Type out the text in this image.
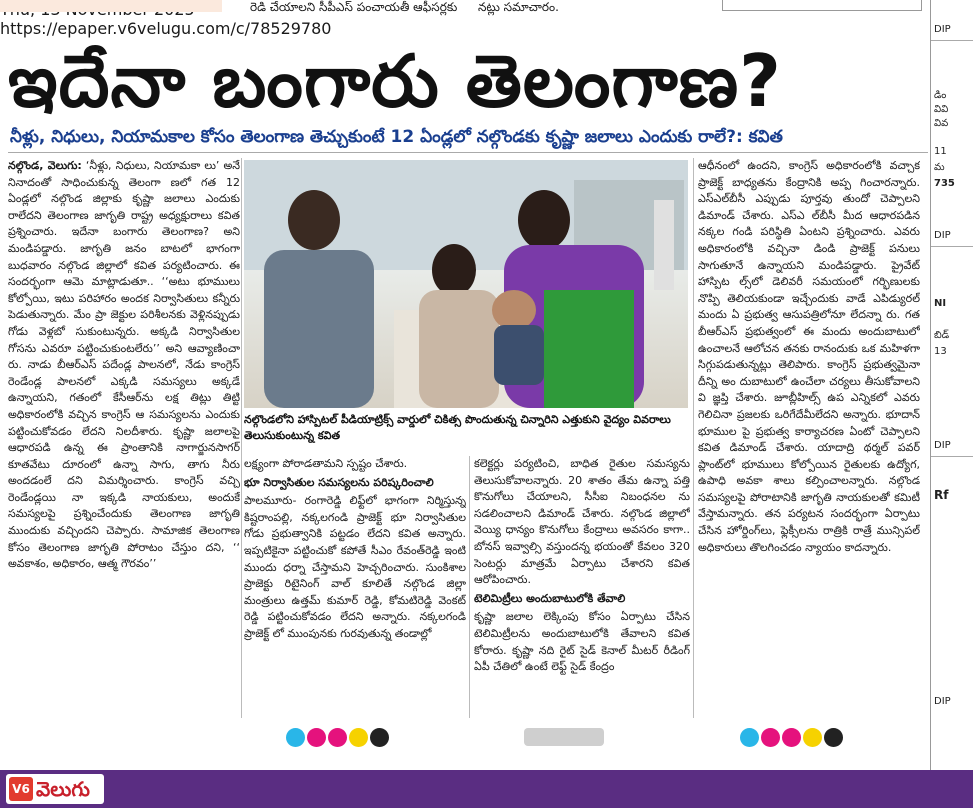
రెడి చేయాలని సీపీఎస్ పంచాయతీ ఆఫీసర్లకు నట్లు సమాచారం.
ఇదేనా బంగారు తెలంగాణ?
నీళ్లు, నిధులు, నియామకాల కోసం తెలంగాణ తెచ్చుకుంటే 12 ఏండ్లలో నల్గొండకు కృష్ణా జలాలు ఎందుకు రాలే?: కవిత

నల్గొండ, వెలుగు: ‘నీళ్లు, నిధులు, నియామకా లు’ అనే నినాదంతో సాధించుకున్న తెలంగా ణలో గత 12 ఏండ్లలో నల్గొండ జిల్లాకు కృష్ణా జలాలు ఎందుకు రాలేదని తెలంగాణ జాగృతి రాష్ట్ర అధ్యక్షురాలు కవిత ప్రశ్నించారు. ఇదేనా బంగారు తెలంగాణ? అని మండిపడ్డారు. జాగృతి జనం బాటలో భాగంగా బుధవారం నల్గొండ జిల్లాలో కవిత పర్యటించారు. ఈ సందర్భంగా ఆమె మాట్లాడుతూ.. ‘‘అటు భూములు కోల్పోయి, ఇటు పరిహారం అందక నిర్వాసితులు కన్నీరు పెడుతున్నారు. మేం ప్రా జెక్టుల పరిశీలనకు వెళ్లినప్పుడు గోడు వెళ్లబో సుకుంటున్నరు. అక్కడి నిర్వాసితుల గోసను ఎవరూ పట్టించుకుంటలేరు’’ అని ఆవ్యాణించా రు. నాడు బీఆర్ఎస్ పదేండ్ల పాలనలో, నేడు కాంగ్రెస్ రెండేండ్ల పాలనలో ఎక్కడి సమస్యలు అక్కడే ఉన్నాయని, గతంలో కేసీఆర్‌ను లక్ష తిట్లు తిట్టి అధికారంలోకి వచ్చిన కాంగ్రెస్ ఆ సమస్యలను ఎందుకు పట్టించుకోవడం లేదని నిలదీశారు. కృష్ణా జలాలపై ఆధారపడి ఉన్న ఈ ప్రాంతానికి నాగార్జునసాగర్ కూతవేటు దూరంలో ఉన్నా సాగు, తాగు నీరు అందడంలే దని విమర్శించారు. కాంగ్రెస్ వచ్చి రెండేండ్లయి నా ఇక్కడి నాయకులు, అందుకే సమస్యలపై ప్రశ్నించేందుకు తెలంగాణ జాగృతి ముందుకు వచ్చిందని చెప్పారు. సామాజిక తెలంగాణ కోసం తెలంగాణ జాగృతి పోరాటం చేస్తుం దని, ‘‘ అవకాశం, అధికారం, ఆత్మ గౌరవం’’

నల్గొండలోని హాస్పిటల్ పీడియాట్రిక్స్ వార్డులో చికిత్స పొందుతున్న చిన్నారిని ఎత్తుకుని వైద్యం వివరాలు తెలుసుకుంటున్న కవిత

లక్ష్యంగా పోరాడతామని స్పష్టం చేశారు.

భూ నిర్వాసితుల సమస్యలను పరిష్కరించాలి

పాలమూరు- రంగారెడ్డి లిఫ్ట్‌లో భాగంగా నిర్మిస్తున్న కిష్టరాంపల్లి, నక్కలగండి ప్రాజెక్ట్ భూ నిర్వాసితుల గోడు ప్రభుత్వానికి పట్టడం లేదని కవిత అన్నారు. ఇప్పటికైనా పట్టించుకో కపోతే సీఎం రేవంత్‌రెడ్డి ఇంటి ముందు ధర్నా చేస్తామని హెచ్చరించారు. సుంకిశాల ప్రాజెక్టు రిటైనింగ్ వాల్ కూలితే నల్గొండ జిల్లా మంత్రులు ఉత్తమ్ కుమార్ రెడ్డి, కోమటిరెడ్డి వెంకట్ రెడ్డి పట్టించుకోవడం లేదని అన్నారు. నక్కలగండి ప్రాజెక్ట్ లో ముంపునకు గురవుతున్న తండాల్లో

కలెక్టర్లు పర్యటించి, బాధిత రైతుల సమస్యను తెలుసుకోవాలన్నారు. 20 శాతం తేమ ఉన్నా పత్తి కొనుగోలు చేయాలని, సీసీఐ నిబంధనల ను సడలించాలని డిమాండ్ చేశారు. నల్గొండ జిల్లాలో వెయ్యి ధాన్యం కొనుగోలు కేంద్రాలు అవసరం కాగా.. బోనస్ ఇవ్వాల్సి వస్తుందన్న భయంతో కేవలం 320 సెంటర్లు మాత్రమే ఏర్పాటు చేశారని కవిత ఆరోపించారు.

టెలిమిట్రీలు అందుబాటులోకి తేవాలి

కృష్ణా జలాల లెక్కింపు కోసం ఏర్పాటు చేసిన టెలిమిట్రీలను అందుబాటులోకి తేవాలని కవిత కోరారు. కృష్ణా నది రైట్ సైడ్ కెనాల్ మీటర్ రీడింగ్ ఏపీ చేతిలో ఉంటే లెఫ్ట్ సైడ్ కేంద్రం

ఆధీనంలో ఉందని, కాంగ్రెస్ అధికారంలోకి వచ్చాక ప్రాజెక్ట్ బాధ్యతను కేంద్రానికి అప్ప గించారన్నారు. ఎస్ఎల్‌బీసీ ఎప్పుడు పూర్తవు తుందో చెప్పాలని డిమాండ్ చేశారు. ఎస్ఎ ల్‌బీసీ మీద ఆధారపడిన నక్కల గండి పరిస్థితి ఏంటని ప్రశ్నించారు. ఎవరు అధికారంలోకి వచ్చినా డిండి ప్రాజెక్ట్ పనులు సాగుతూనే ఉన్నాయని మండిపడ్డారు. ప్రైవేట్ హాస్పిట ల్స్‌లో డెలివరీ సమయంలో గర్భిణులకు నొప్పి తెలియకుండా ఇచ్చేందుకు వాడే ఎపిడ్యురల్ మందు ఏ ప్రభుత్వ ఆసుపత్రిలోనూ లేదన్నా రు. గత బీఆర్ఎస్ ప్రభుత్వంలో ఈ మందు అందుబాటులో ఉంచాలనే ఆలోచన తనకు రానందుకు ఒక మహిళగా సిగ్గుపడుతున్నట్లు తెలిపారు. కాంగ్రెస్ ప్రభుత్వమైనా దీన్ని అం దుబాటులో ఉంచేలా చర్యలు తీసుకోవాలని వి జ్ఞప్తి చేశారు. జూబ్లీహిల్స్ ఉప ఎన్నికలో ఎవరు గెలిచినా ప్రజలకు ఒరిగేదేమీలేదని అన్నారు. భూదాన్ భూముల పై ప్రభుత్వ కార్యాచరణ ఏంటో చెప్పాలని కవిత డిమాండ్ చేశారు. యాదాద్రి థర్మల్ పవర్ ప్లాంట్‌లో భూములు కోల్పోయిన రైతులకు ఉద్యోగ, ఉపాధి అవకా శాలు కల్పించాలన్నారు. నల్గొండ సమస్యలపై పోరాటానికి జాగృతి నాయకులతో కమిటీ వేస్తామన్నారు. తన పర్యటన సందర్భంగా ఏర్పాటు చేసిన హోర్డింగ్‌లు, ఫ్లెక్సీలను రాత్రికి రాత్రే మున్సిపల్ అధికారులు తొలగించడం న్యాయం కాదన్నారు.

DIP
డిం
వివి
వివ
11
మ
735
DIP
NI
బిడ్
13
DIP
Rf
DIP
V6 వెలుగు
https://epaper.v6velugu.com/c/78529780
